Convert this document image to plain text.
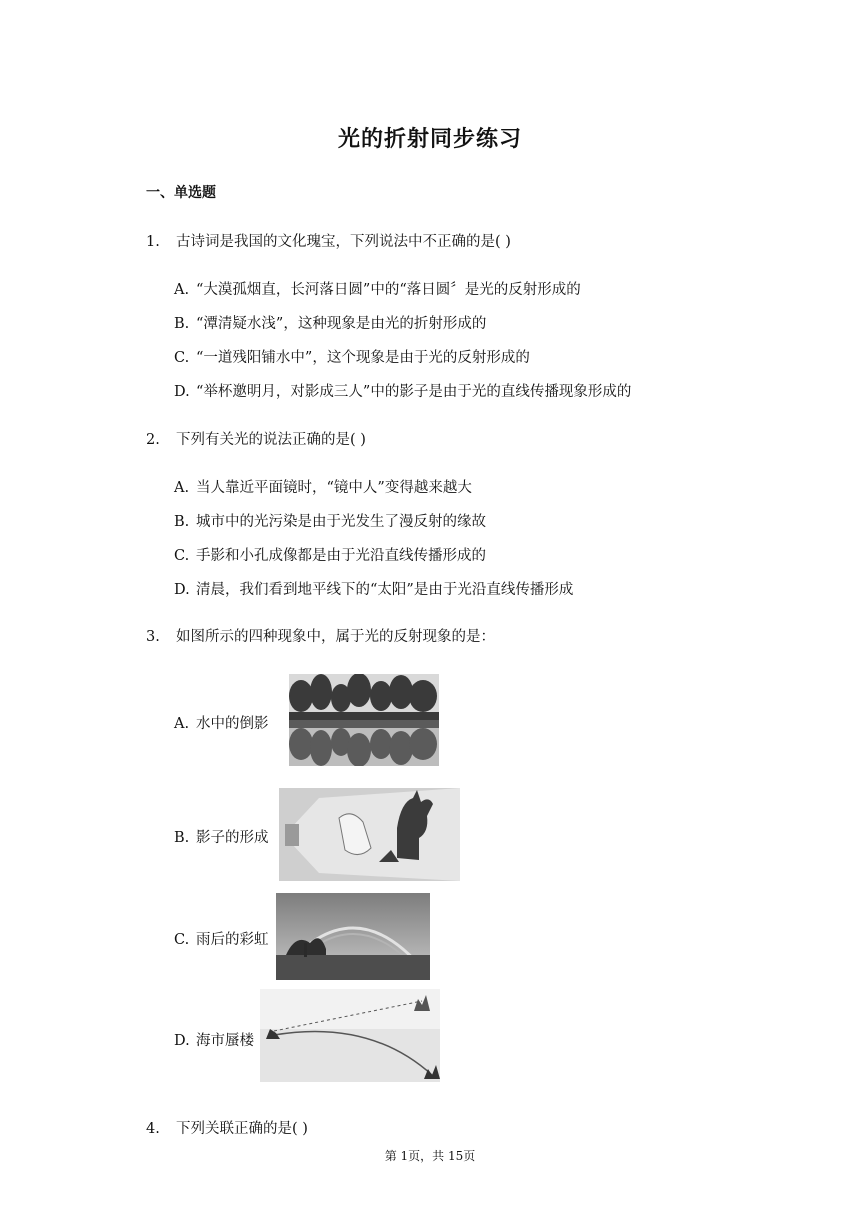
光的折射同步练习
一、单选题
1. 古诗词是我国的文化瑰宝，下列说法中不正确的是( )
A. “大漠孤烟直，长河落日圆”中的“落日圆〞是光的反射形成的
B. “潭清疑水浅”，这种现象是由光的折射形成的
C. “一道残阳铺水中”，这个现象是由于光的反射形成的
D. “举杯邀明月，对影成三人”中的影子是由于光的直线传播现象形成的
2. 下列有关光的说法正确的是( )
A. 当人靠近平面镜时，“镜中人”变得越来越大
B. 城市中的光污染是由于光发生了漫反射的缘故
C. 手影和小孔成像都是由于光沿直线传播形成的
D. 清晨，我们看到地平线下的“太阳”是由于光沿直线传播形成
3. 如图所示的四种现象中，属于光的反射现象的是：
A. 水中的倒影
B. 影子的形成
C. 雨后的彩虹
D. 海市蜃楼
4. 下列关联正确的是( )
第 1页，共 15页
